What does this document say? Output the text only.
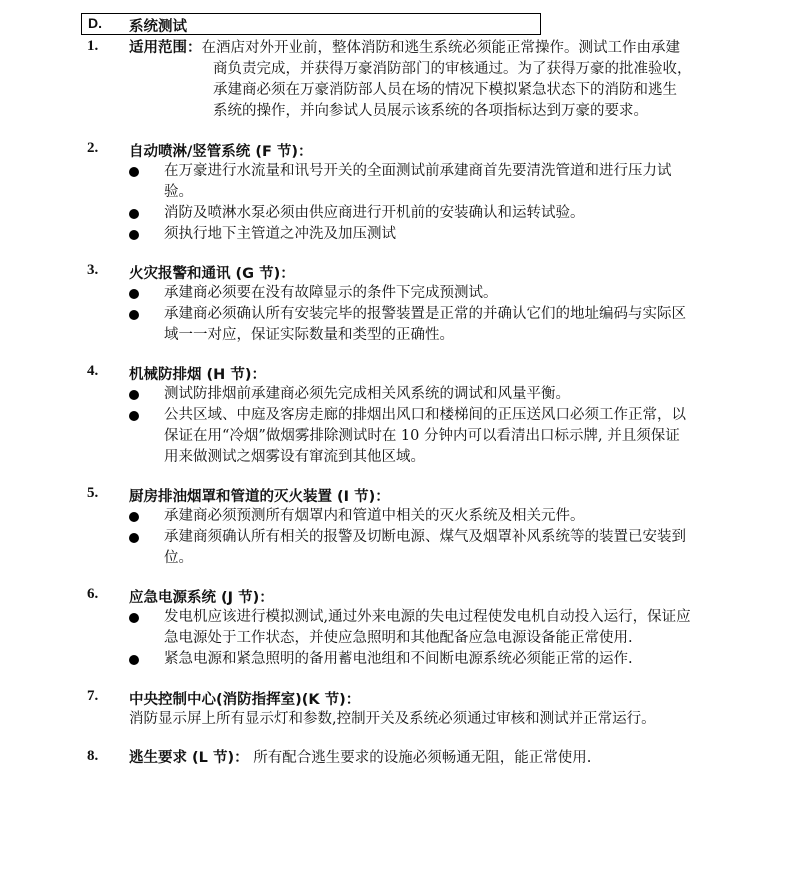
D. 系统测试
1. 适用范围：在酒店对外开业前，整体消防和逃生系统必须能正常操作。测试工作由承建
商负责完成，并获得万豪消防部门的审核通过。为了获得万豪的批准验收，
承建商必须在万豪消防部人员在场的情况下模拟紧急状态下的消防和逃生
系统的操作，并向参试人员展示该系统的各项指标达到万豪的要求。
2. 自动喷淋/竖管系统 (F 节)：
在万豪进行水流量和讯号开关的全面测试前承建商首先要清洗管道和进行压力试
验。
消防及喷淋水泵必须由供应商进行开机前的安装确认和运转试验。
须执行地下主管道之冲洗及加压测试
3. 火灾报警和通讯 (G 节)：
承建商必须要在没有故障显示的条件下完成预测试。
承建商必须确认所有安装完毕的报警装置是正常的并确认它们的地址编码与实际区
域一一对应，保证实际数量和类型的正确性。
4. 机械防排烟 (H 节)：
测试防排烟前承建商必须先完成相关风系统的调试和风量平衡。
公共区域、中庭及客房走廊的排烟出风口和楼梯间的正压送风口必须工作正常，以
保证在用“冷烟”做烟雾排除测试时在 10 分钟内可以看清出口标示牌, 并且须保证
用来做测试之烟雾设有窜流到其他区域。
5. 厨房排油烟罩和管道的灭火装置 (I 节)：
承建商必须预测所有烟罩内和管道中相关的灭火系统及相关元件。
承建商须确认所有相关的报警及切断电源、煤气及烟罩补风系统等的装置已安装到
位。
6. 应急电源系统 (J 节)：
发电机应该进行模拟测试,通过外来电源的失电过程使发电机自动投入运行，保证应
急电源处于工作状态，并使应急照明和其他配备应急电源设备能正常使用.
紧急电源和紧急照明的备用蓄电池组和不间断电源系统必须能正常的运作.
7. 中央控制中心(消防指挥室)(K 节)：
消防显示屏上所有显示灯和参数,控制开关及系统必须通过审核和测试并正常运行。
8. 逃生要求 (L 节)： 所有配合逃生要求的设施必须畅通无阻，能正常使用.
